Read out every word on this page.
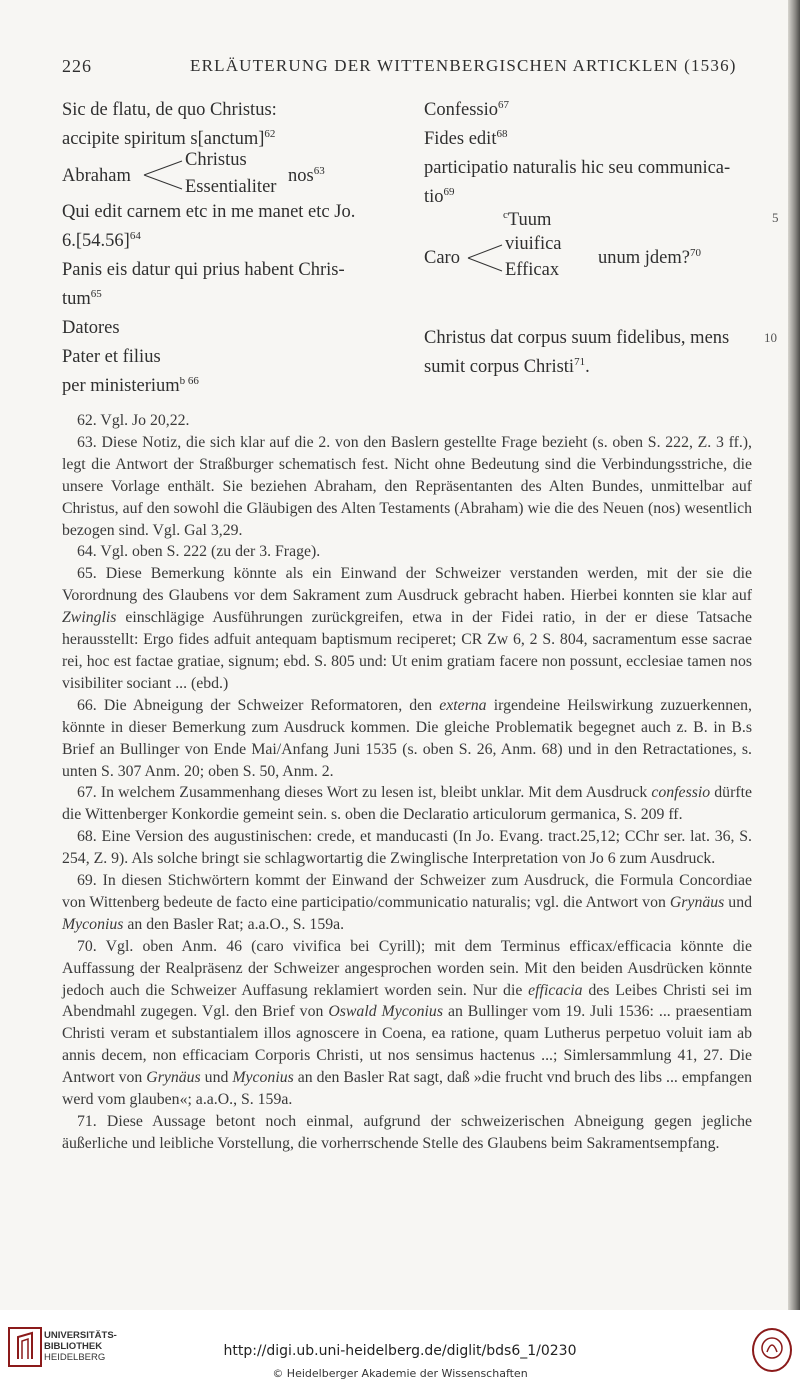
226	ERLÄUTERUNG DER WITTENBERGISCHEN ARTICKLEN (1536)
Sic de flatu, de quo Christus:
accipite spiritum s[anctum]$^{62}$
Abraham
Christus
Essentialiter
nos$^{63}$
Qui edit carnem etc in me manet etc Jo.
$6.[54.56]^{64}$
Panis eis datur qui prius habent Chris-
tum$^{65}$
Datores
Pater et filius
per ministerium$^{b 66}$
Confessio$^{67}$
Fides edit$^{68}$
participatio naturalis hic seu communica-
tio$^{69}$
$^c$Tuum
Caro
viuifica
Efficax
unum jdem?$^{70}$
Christus dat corpus suum fidelibus, mens
sumit corpus Christi$^{71}$.
5
10

62. Vgl. Jo 20,22.

63. Diese Notiz, die sich klar auf die 2. von den Baslern gestellte Frage bezieht (s. oben S. 222, Z. 3 ff.), legt die Antwort der Straßburger schematisch fest. Nicht ohne Bedeutung sind die Verbindungsstriche, die unsere Vorlage enthält. Sie beziehen Abraham, den Repräsentanten des Alten Bundes, unmittelbar auf Christus, auf den sowohl die Gläubigen des Alten Testaments (Abraham) wie die des Neuen (nos) wesentlich bezogen sind. Vgl. Gal 3,29.

64. Vgl. oben S. 222 (zu der 3. Frage).

65. Diese Bemerkung könnte als ein Einwand der Schweizer verstanden werden, mit der sie die Vorordnung des Glaubens vor dem Sakrament zum Ausdruck gebracht haben. Hierbei konnten sie klar auf Zwinglis einschlägige Ausführungen zurückgreifen, etwa in der Fidei ratio, in der er diese Tatsache herausstellt: Ergo fides adfuit antequam baptismum reciperet; CR Zw 6, 2 S. 804, sacramentum esse sacrae rei, hoc est factae gratiae, signum; ebd. S. 805 und: Ut enim gratiam facere non possunt, ecclesiae tamen nos visibiliter sociant ... (ebd.)

66. Die Abneigung der Schweizer Reformatoren, den externa irgendeine Heilswirkung zuzuerkennen, könnte in dieser Bemerkung zum Ausdruck kommen. Die gleiche Problematik begegnet auch z. B. in B.s Brief an Bullinger von Ende Mai/Anfang Juni 1535 (s. oben S. 26, Anm. 68) und in den Retractationes, s. unten S. 307 Anm. 20; oben S. 50, Anm. 2.

67. In welchem Zusammenhang dieses Wort zu lesen ist, bleibt unklar. Mit dem Ausdruck confessio dürfte die Wittenberger Konkordie gemeint sein. s. oben die Declaratio articulorum germanica, S. 209 ff.

68. Eine Version des augustinischen: crede, et manducasti (In Jo. Evang. tract.25,12; CChr ser. lat. 36, S. 254, Z. 9). Als solche bringt sie schlagwortartig die Zwinglische Interpretation von Jo 6 zum Ausdruck.

69. In diesen Stichwörtern kommt der Einwand der Schweizer zum Ausdruck, die Formula Concordiae von Wittenberg bedeute de facto eine participatio/communicatio naturalis; vgl. die Antwort von Grynäus und Myconius an den Basler Rat; a.a.O., S. 159a.

70. Vgl. oben Anm. 46 (caro vivifica bei Cyrill); mit dem Terminus efficax/efficacia könnte die Auffassung der Realpräsenz der Schweizer angesprochen worden sein. Mit den beiden Ausdrücken könnte jedoch auch die Schweizer Auffasung reklamiert worden sein. Nur die efficacia des Leibes Christi sei im Abendmahl zugegen. Vgl. den Brief von Oswald Myconius an Bullinger vom 19. Juli 1536: ... praesentiam Christi veram et substantialem illos agnoscere in Coena, ea ratione, quam Lutherus perpetuo voluit iam ab annis decem, non efficaciam Corporis Christi, ut nos sensimus hactenus ...; Simlersammlung 41, 27. Die Antwort von Grynäus und Myconius an den Basler Rat sagt, daß »die frucht vnd bruch des libs ... empfangen werd vom glauben«; a.a.O., S. 159a.

71. Diese Aussage betont noch einmal, aufgrund der schweizerischen Abneigung gegen jegliche äußerliche und leibliche Vorstellung, die vorherrschende Stelle des Glaubens beim Sakramentsempfang.

UNIVERSITÄTS-
BIBLIOTHEK
HEIDELBERG	http://digi.ub.uni-heidelberg.de/diglit/bds6_1/0230
© Heidelberger Akademie der Wissenschaften
